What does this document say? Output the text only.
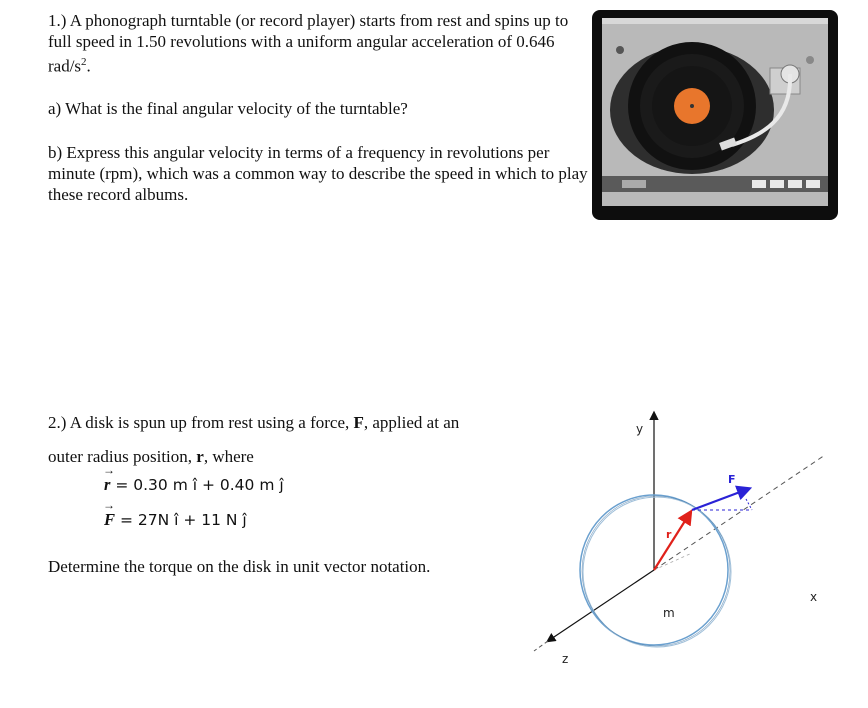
1.) A phonograph turntable (or record player) starts from rest and spins up to full speed in 1.50 revolutions with a uniform angular acceleration of 0.646 rad/$s^2$.
a) What is the final angular velocity of the turntable?
b) Express this angular velocity in terms of a frequency in revolutions per minute (rpm), which was a common way to describe the speed in which to play these record albums.
2.) A disk is spun up from rest using a force, F, applied at an
outer radius position, r, where
→ r = 0.30 m î + 0.40 m ĵ
→ F = 27N î + 11 N ĵ
Determine the torque on the disk in unit vector notation.
y
x
z
r
F
m
